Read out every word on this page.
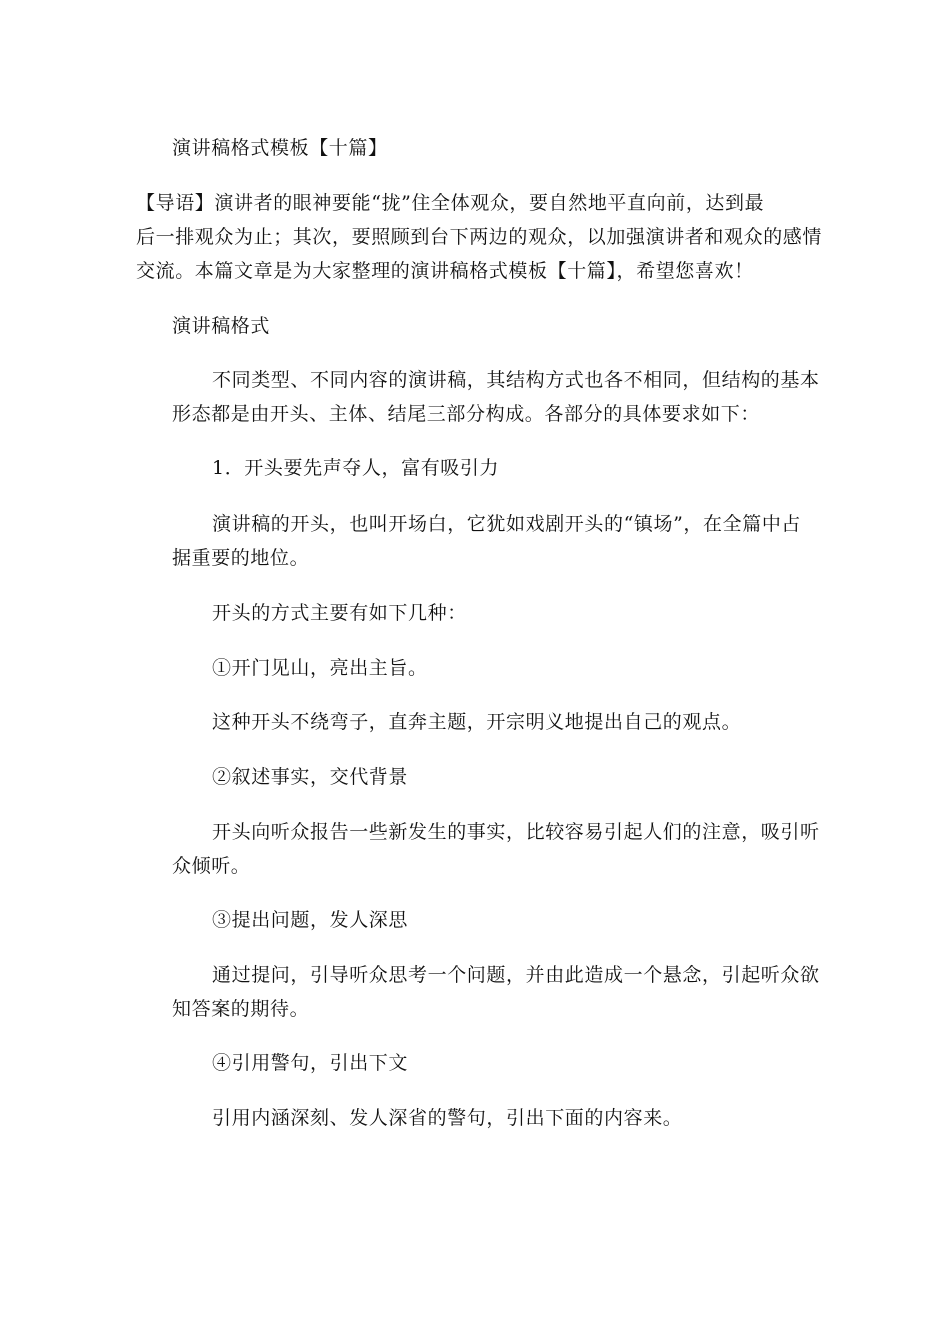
演讲稿格式模板【十篇】
【导语】演讲者的眼神要能“拢”住全体观众，要自然地平直向前，达到最
后一排观众为止；其次，要照顾到台下两边的观众，以加强演讲者和观众的感情
交流。本篇文章是为大家整理的演讲稿格式模板【十篇】，希望您喜欢！
演讲稿格式
不同类型、不同内容的演讲稿，其结构方式也各不相同，但结构的基本
形态都是由开头、主体、结尾三部分构成。各部分的具体要求如下：
1．开头要先声夺人，富有吸引力
演讲稿的开头，也叫开场白，它犹如戏剧开头的“镇场”，在全篇中占
据重要的地位。
开头的方式主要有如下几种：
①开门见山，亮出主旨。
这种开头不绕弯子，直奔主题，开宗明义地提出自己的观点。
②叙述事实，交代背景
开头向听众报告一些新发生的事实，比较容易引起人们的注意，吸引听
众倾听。
③提出问题，发人深思
通过提问，引导听众思考一个问题，并由此造成一个悬念，引起听众欲
知答案的期待。
④引用警句，引出下文
引用内涵深刻、发人深省的警句，引出下面的内容来。
